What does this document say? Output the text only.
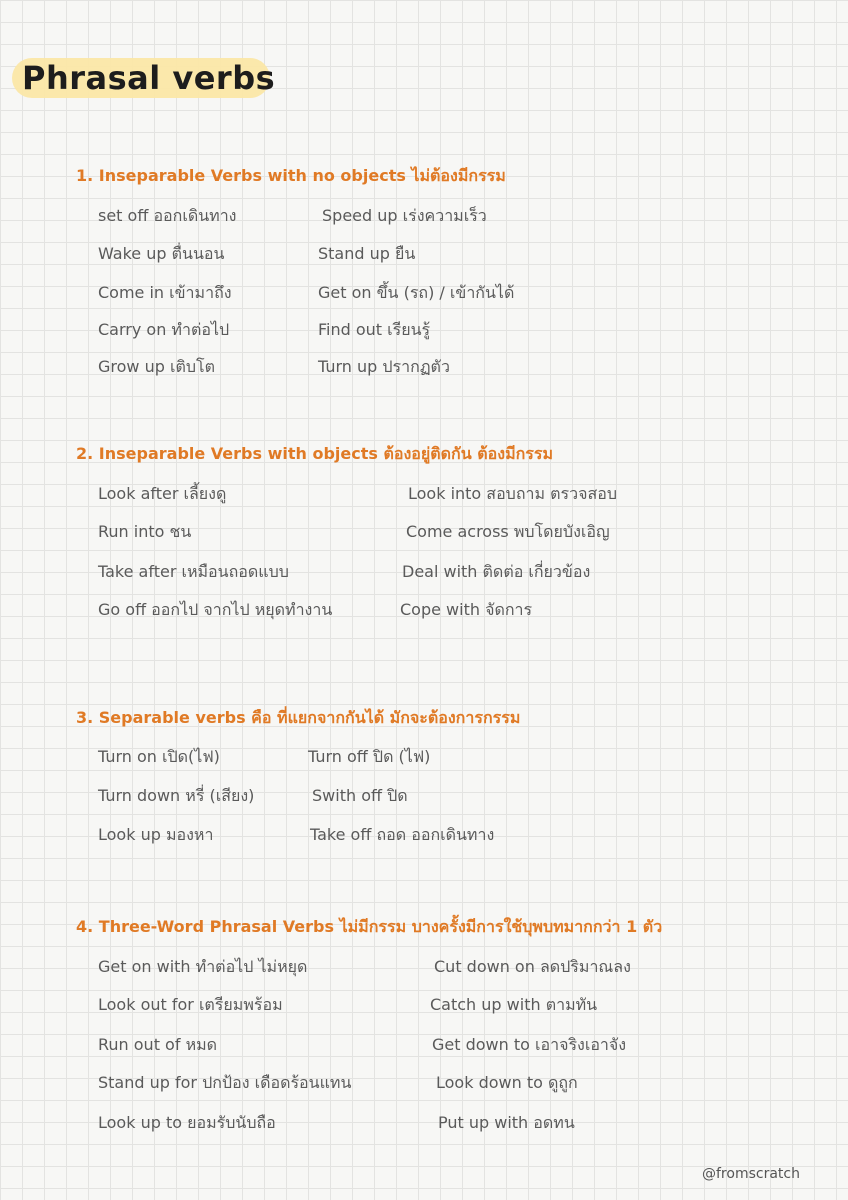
Phrasal verbs
1. Inseparable Verbs with no objects ไม่ต้องมีกรรม
set off ออกเดินทาง
Wake up ตื่นนอน
Come in เข้ามาถึง
Carry on ทำต่อไป
Grow up เติบโต
Speed up เร่งความเร็ว
Stand up ยืน
Get on ขึ้น (รถ) / เข้ากันได้
Find out เรียนรู้
Turn up ปรากฏตัว
2. Inseparable Verbs with objects ต้องอยู่ติดกัน ต้องมีกรรม
Look after เลี้ยงดู
Run into ชน
Take after เหมือนถอดแบบ
Go off ออกไป จากไป หยุดทำงาน
Look into สอบถาม ตรวจสอบ
Come across พบโดยบังเอิญ
Deal with ติดต่อ เกี่ยวข้อง
Cope with จัดการ
3. Separable verbs คือ ที่แยกจากกันได้ มักจะต้องการกรรม
Turn on เปิด(ไฟ)
Turn down หรี่ (เสียง)
Look up มองหา
Turn off ปิด (ไฟ)
Swith off ปิด
Take off ถอด ออกเดินทาง
4. Three-Word Phrasal Verbs ไม่มีกรรม บางครั้งมีการใช้บุพบทมากกว่า 1 ตัว
Get on with ทำต่อไป ไม่หยุด
Look out for เตรียมพร้อม
Run out of หมด
Stand up for ปกป้อง เดือดร้อนแทน
Look up to ยอมรับนับถือ
Cut down on ลดปริมาณลง
Catch up with ตามทัน
Get down to เอาจริงเอาจัง
Look down to ดูถูก
Put up with อดทน
@fromscratch
